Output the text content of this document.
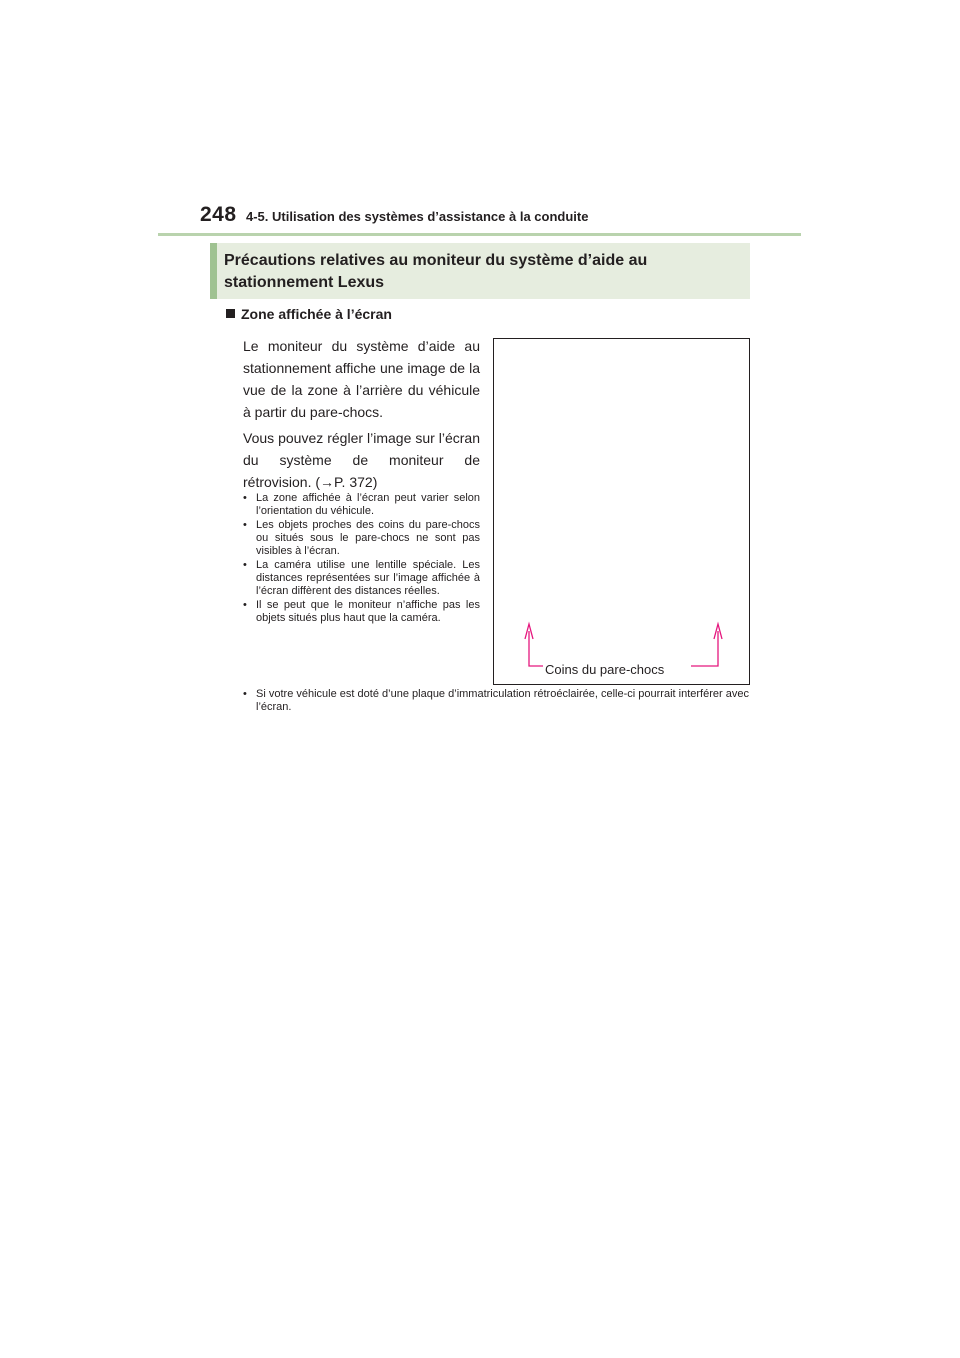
248 4-5. Utilisation des systèmes d’assistance à la conduite
Précautions relatives au moniteur du système d’aide au stationnement Lexus
Zone affichée à l’écran
Le moniteur du système d’aide au stationnement affiche une image de la vue de la zone à l’arrière du véhicule à partir du pare-chocs.
Vous pouvez régler l’image sur l’écran du système de moniteur de rétrovision. (→P. 372)
• La zone affichée à l’écran peut varier selon l’orientation du véhicule.
• Les objets proches des coins du pare-chocs ou situés sous le pare-chocs ne sont pas visibles à l’écran.
• La caméra utilise une lentille spéciale. Les distances représentées sur l’image affichée à l’écran diffèrent des distances réelles.
• Il se peut que le moniteur n’affiche pas les objets situés plus haut que la caméra.
• Si votre véhicule est doté d’une plaque d’immatriculation rétroéclairée, celle-ci pourrait interférer avec l’écran.
Coins du pare-chocs
